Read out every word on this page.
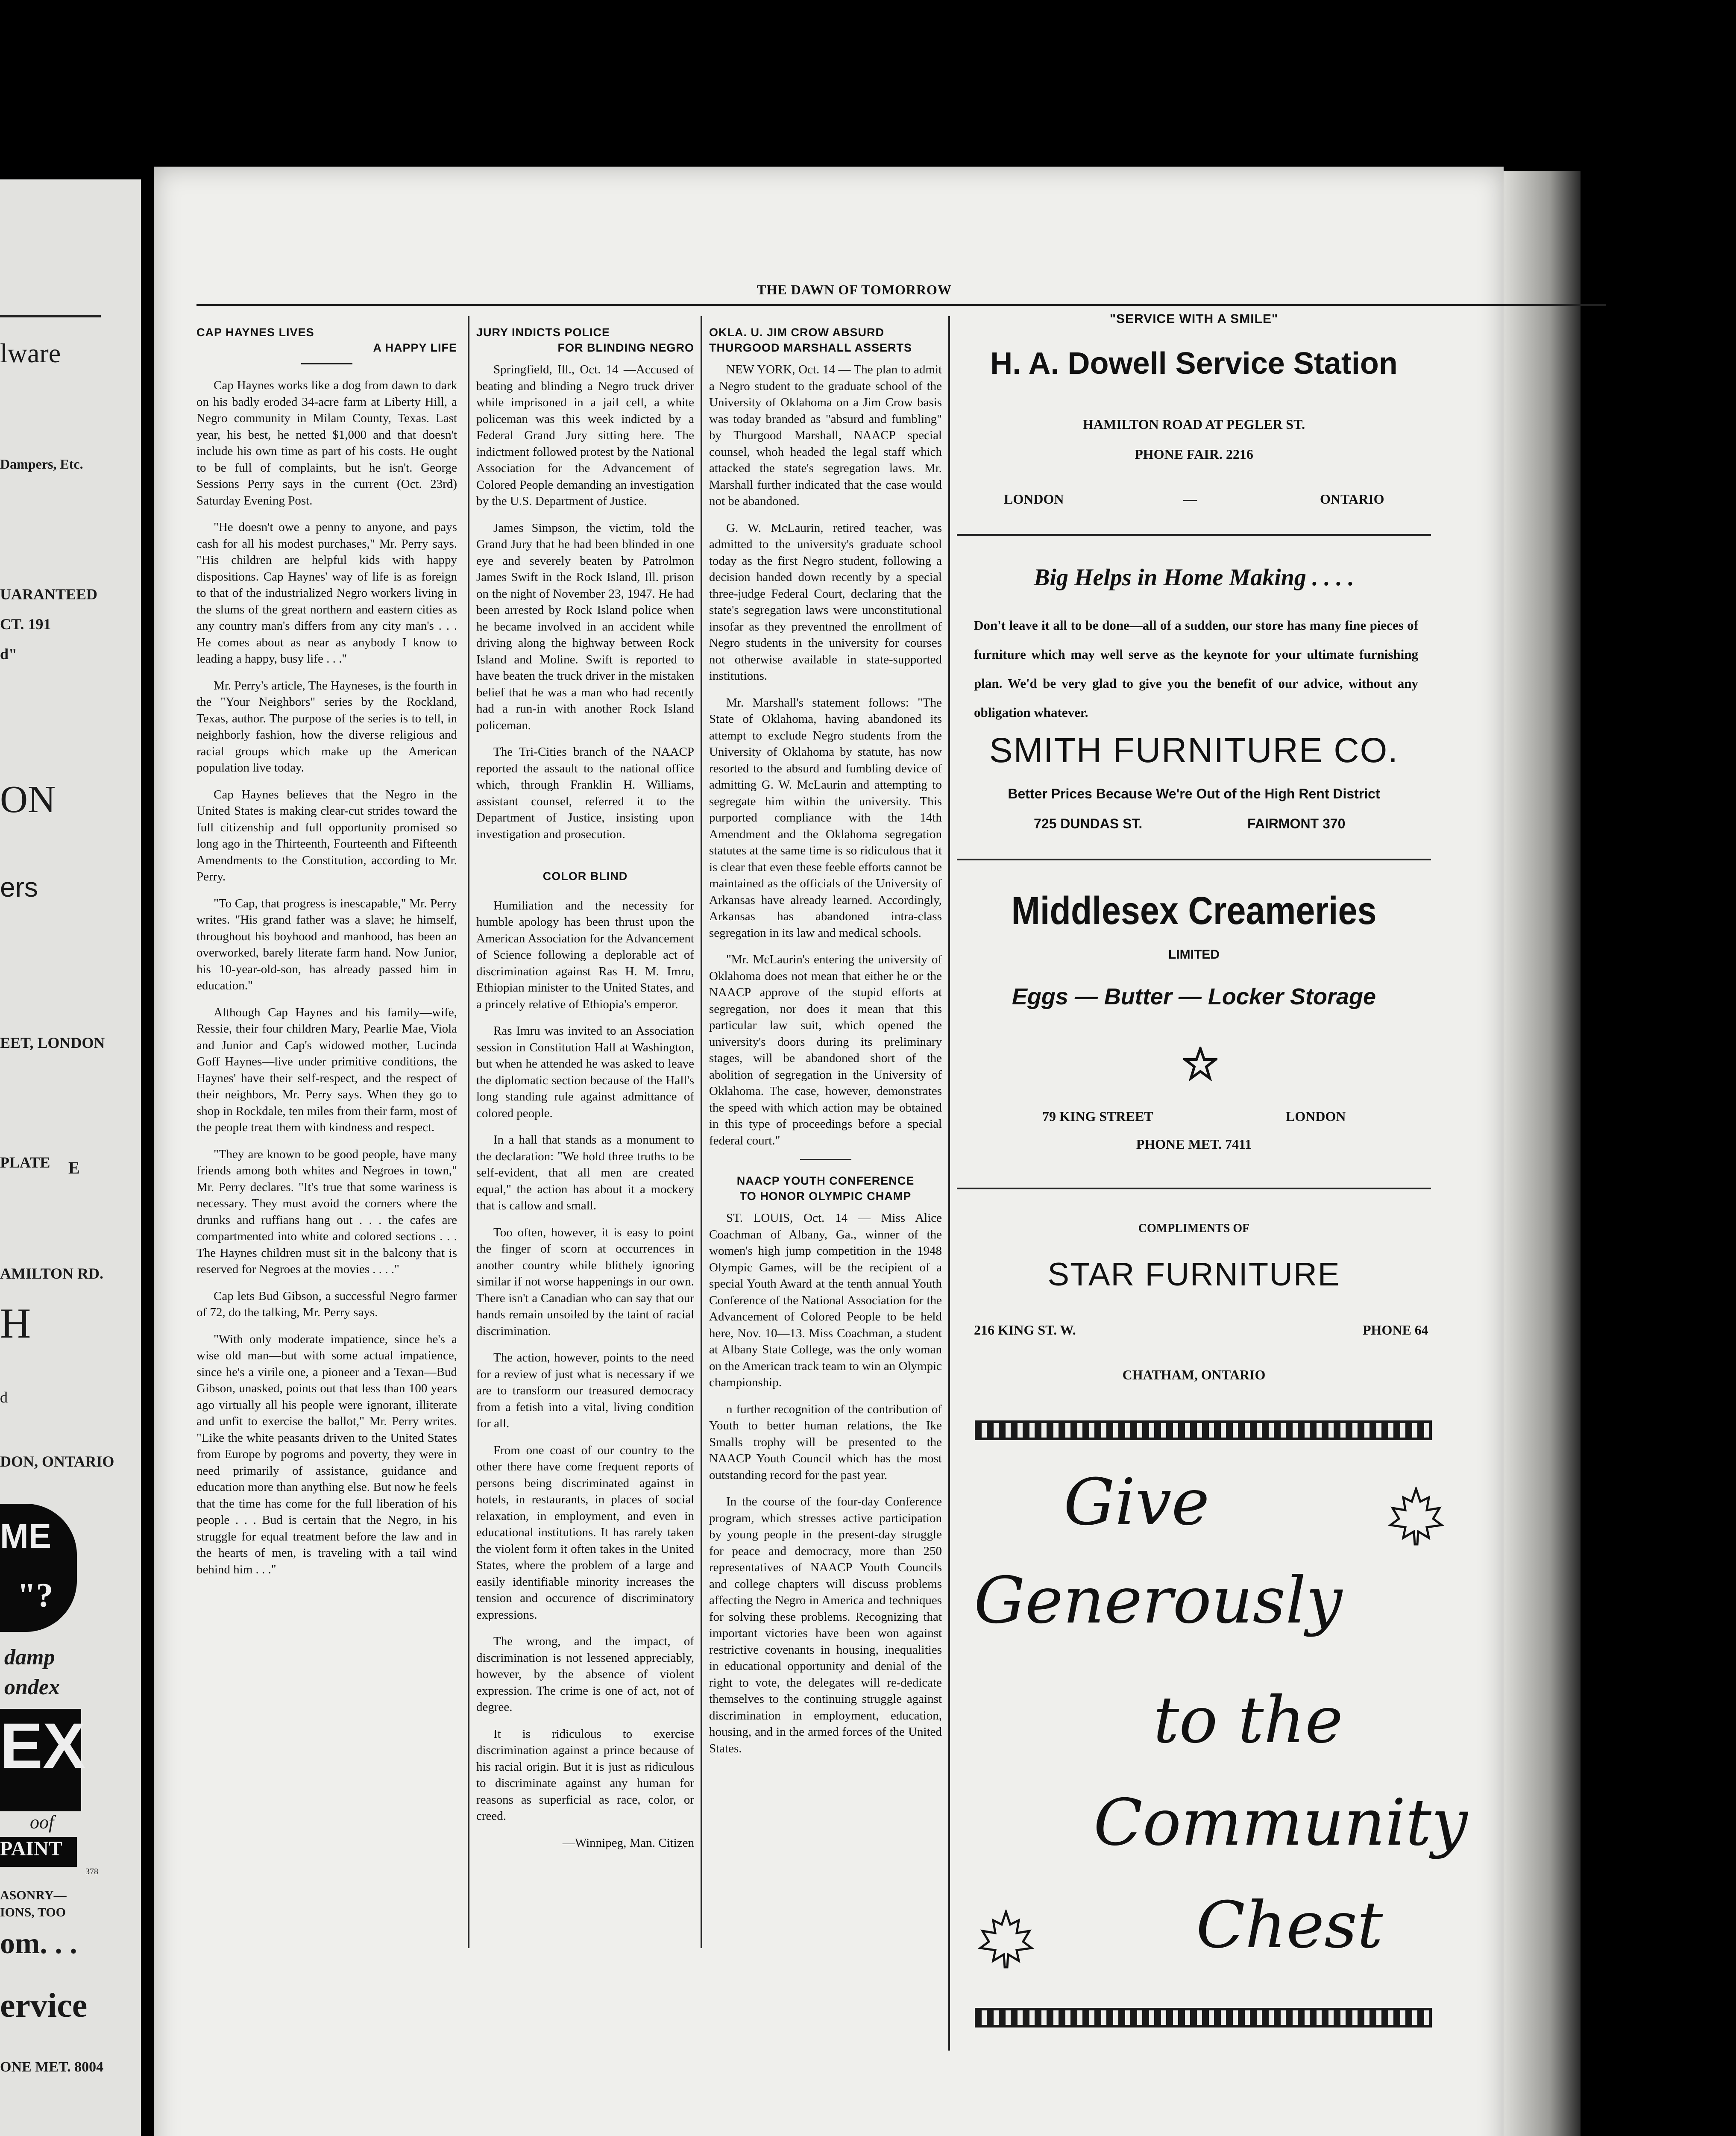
lware
Dampers, Etc.
UARANTEED
CT. 191
d"
ON
ers
EET, LONDON
PLATE E
AMILTON RD.
H
d
DON, ONTARIO
ME
"?
damp
ondex
EX
oof
PAINT
378
ASONRY—
IONS, TOO
om. . .
ervice
ONE MET. 8004
THE DAWN OF TOMORROW
CAP HAYNES LIVES
A HAPPY LIFE

Cap Haynes works like a dog from dawn to dark on his badly eroded 34-acre farm at Liberty Hill, a Negro community in Milam County, Texas. Last year, his best, he netted $1,000 and that doesn't include his own time as part of his costs. He ought to be full of complaints, but he isn't. George Sessions Perry says in the current (Oct. 23rd) Saturday Evening Post.

"He doesn't owe a penny to anyone, and pays cash for all his modest purchases," Mr. Perry says. "His children are helpful kids with happy dispositions. Cap Haynes' way of life is as foreign to that of the industrialized Negro workers living in the slums of the great northern and eastern cities as any country man's differs from any city man's . . . He comes about as near as anybody I know to leading a happy, busy life . . ."

Mr. Perry's article, The Hayneses, is the fourth in the "Your Neighbors" series by the Rockland, Texas, author. The purpose of the series is to tell, in neighborly fashion, how the diverse religious and racial groups which make up the American population live today.

Cap Haynes believes that the Negro in the United States is making clear-cut strides toward the full citizenship and full opportunity promised so long ago in the Thirteenth, Fourteenth and Fifteenth Amendments to the Constitution, according to Mr. Perry.

"To Cap, that progress is inescapable," Mr. Perry writes. "His grand father was a slave; he himself, throughout his boyhood and manhood, has been an overworked, barely literate farm hand. Now Junior, his 10-year-old-son, has already passed him in education."

Although Cap Haynes and his family—wife, Ressie, their four children Mary, Pearlie Mae, Viola and Junior and Cap's widowed mother, Lucinda Goff Haynes—live under primitive conditions, the Haynes' have their self-respect, and the respect of their neighbors, Mr. Perry says. When they go to shop in Rockdale, ten miles from their farm, most of the people treat them with kindness and respect.

"They are known to be good people, have many friends among both whites and Negroes in town," Mr. Perry declares. "It's true that some wariness is necessary. They must avoid the corners where the drunks and ruffians hang out . . . the cafes are compartmented into white and colored sections . . . The Haynes children must sit in the balcony that is reserved for Negroes at the movies . . . ."

Cap lets Bud Gibson, a successful Negro farmer of 72, do the talking, Mr. Perry says.

"With only moderate impatience, since he's a wise old man—but with some actual impatience, since he's a virile one, a pioneer and a Texan—Bud Gibson, unasked, points out that less than 100 years ago virtually all his people were ignorant, illiterate and unfit to exercise the ballot," Mr. Perry writes. "Like the white peasants driven to the United States from Europe by pogroms and poverty, they were in need primarily of assistance, guidance and education more than anything else. But now he feels that the time has come for the full liberation of his people . . . Bud is certain that the Negro, in his struggle for equal treatment before the law and in the hearts of men, is traveling with a tail wind behind him . . ."

JURY INDICTS POLICE
FOR BLINDING NEGRO

Springfield, Ill., Oct. 14 —Accused of beating and blinding a Negro truck driver while imprisoned in a jail cell, a white policeman was this week indicted by a Federal Grand Jury sitting here. The indictment followed protest by the National Association for the Advancement of Colored People demanding an investigation by the U.S. Department of Justice.

James Simpson, the victim, told the Grand Jury that he had been blinded in one eye and severely beaten by Patrolmon James Swift in the Rock Island, Ill. prison on the night of November 23, 1947. He had been arrested by Rock Island police when he became involved in an accident while driving along the highway between Rock Island and Moline. Swift is reported to have beaten the truck driver in the mistaken belief that he was a man who had recently had a run-in with another Rock Island policeman.

The Tri-Cities branch of the NAACP reported the assault to the national office which, through Franklin H. Williams, assistant counsel, referred it to the Department of Justice, insisting upon investigation and prosecution.

COLOR BLIND

Humiliation and the necessity for humble apology has been thrust upon the American Association for the Advancement of Science following a deplorable act of discrimination against Ras H. M. Imru, Ethiopian minister to the United States, and a princely relative of Ethiopia's emperor.

Ras Imru was invited to an Association session in Constitution Hall at Washington, but when he attended he was asked to leave the diplomatic section because of the Hall's long standing rule against admittance of colored people.

In a hall that stands as a monument to the declaration: "We hold three truths to be self-evident, that all men are created equal," the action has about it a mockery that is callow and small.

Too often, however, it is easy to point the finger of scorn at occurrences in another country while blithely ignoring similar if not worse happenings in our own. There isn't a Canadian who can say that our hands remain unsoiled by the taint of racial discrimination.

The action, however, points to the need for a review of just what is necessary if we are to transform our treasured democracy from a fetish into a vital, living condition for all.

From one coast of our country to the other there have come frequent reports of persons being discriminated against in hotels, in restaurants, in places of social relaxation, in employment, and even in educational institutions. It has rarely taken the violent form it often takes in the United States, where the problem of a large and easily identifiable minority increases the tension and occurence of discriminatory expressions.

The wrong, and the impact, of discrimination is not lessened appreciably, however, by the absence of violent expression. The crime is one of act, not of degree.

It is ridiculous to exercise discrimination against a prince because of his racial origin. But it is just as ridiculous to discriminate against any human for reasons as superficial as race, color, or creed.

—Winnipeg, Man. Citizen
OKLA. U. JIM CROW ABSURD
THURGOOD MARSHALL ASSERTS

NEW YORK, Oct. 14 — The plan to admit a Negro student to the graduate school of the University of Oklahoma on a Jim Crow basis was today branded as "absurd and fumbling" by Thurgood Marshall, NAACP special counsel, whoh headed the legal staff which attacked the state's segregation laws. Mr. Marshall further indicated that the case would not be abandoned.

G. W. McLaurin, retired teacher, was admitted to the university's graduate school today as the first Negro student, following a decision handed down recently by a special three-judge Federal Court, declaring that the state's segregation laws were unconstitutional insofar as they preventned the enrollment of Negro students in the university for courses not otherwise available in state-supported institutions.

Mr. Marshall's statement follows: "The State of Oklahoma, having abandoned its attempt to exclude Negro students from the University of Oklahoma by statute, has now resorted to the absurd and fumbling device of admitting G. W. McLaurin and attempting to segregate him within the university. This purported compliance with the 14th Amendment and the Oklahoma segregation statutes at the same time is so ridiculous that it is clear that even these feeble efforts cannot be maintained as the officials of the University of Arkansas have already learned. Accordingly, Arkansas has abandoned intra-class segregation in its law and medical schools.

"Mr. McLaurin's entering the university of Oklahoma does not mean that either he or the NAACP approve of the stupid efforts at segregation, nor does it mean that this particular law suit, which opened the university's doors during its preliminary stages, will be abandoned short of the abolition of segregation in the University of Oklahoma. The case, however, demonstrates the speed with which action may be obtained in this type of proceedings before a special federal court."

NAACP YOUTH CONFERENCE
TO HONOR OLYMPIC CHAMP

ST. LOUIS, Oct. 14 — Miss Alice Coachman of Albany, Ga., winner of the women's high jump competition in the 1948 Olympic Games, will be the recipient of a special Youth Award at the tenth annual Youth Conference of the National Association for the Advancement of Colored People to be held here, Nov. 10—13. Miss Coachman, a student at Albany State College, was the only woman on the American track team to win an Olympic championship.

n further recognition of the contribution of Youth to better human relations, the Ike Smalls trophy will be presented to the NAACP Youth Council which has the most outstanding record for the past year.

In the course of the four-day Conference program, which stresses active participation by young people in the present-day struggle for peace and democracy, more than 250 representatives of NAACP Youth Councils and college chapters will discuss problems affecting the Negro in America and techniques for solving these problems. Recognizing that important victories have been won against restrictive covenants in housing, inequalities in educational opportunity and denial of the right to vote, the delegates will re-dedicate themselves to the continuing struggle against discrimination in employment, education, housing, and in the armed forces of the United States.

"SERVICE WITH A SMILE"
H. A. Dowell Service Station
HAMILTON ROAD AT PEGLER ST.
PHONE FAIR. 2216
LONDON	—	ONTARIO
Big Helps in Home Making . . . .
Don't leave it all to be done—all of a sudden, our store has many fine pieces of furniture which may well serve as the keynote for your ultimate furnishing plan. We'd be very glad to give you the benefit of our advice, without any obligation whatever.
SMITH FURNITURE CO.
Better Prices Because We're Out of the High Rent District
725 DUNDAS ST.	FAIRMONT 370
Middlesex Creameries
LIMITED
Eggs — Butter — Locker Storage
79 KING STREET	LONDON
PHONE MET. 7411
COMPLIMENTS OF
STAR FURNITURE
216 KING ST. W.	PHONE 64
CHATHAM, ONTARIO
Give
Generously
to the
Community
Chest
